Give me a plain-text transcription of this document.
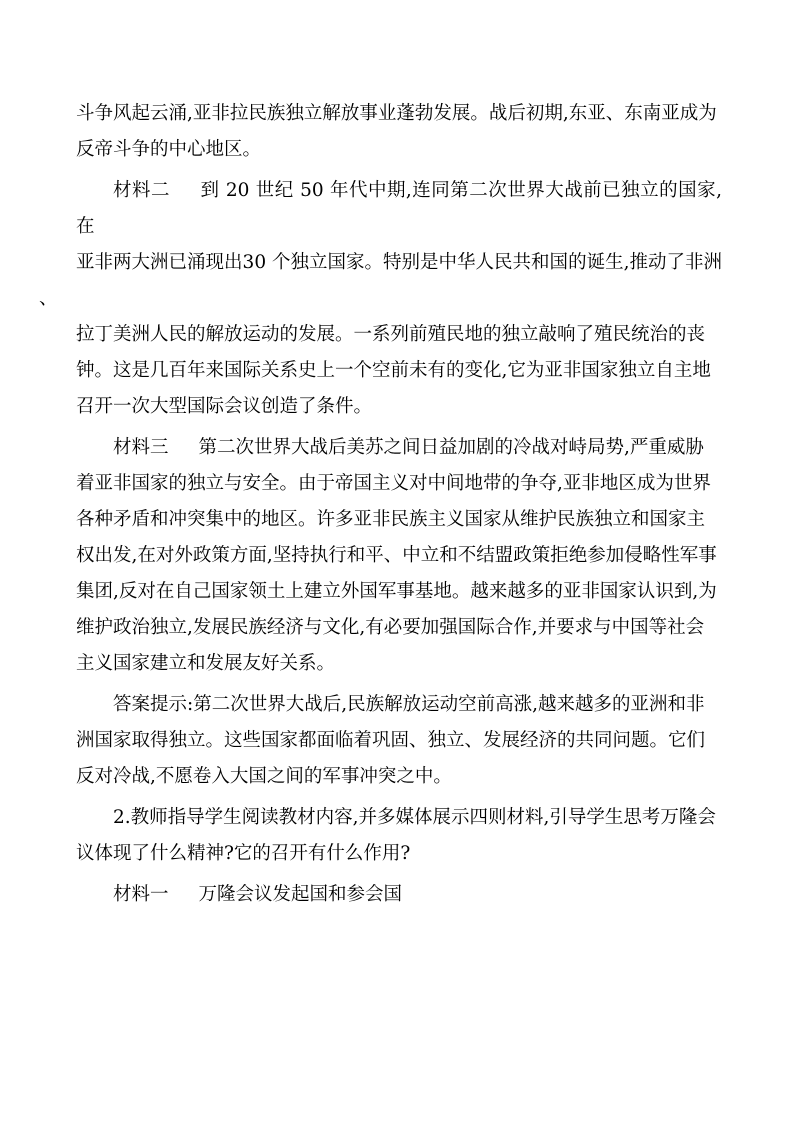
斗争风起云涌,亚非拉民族独立解放事业蓬勃发展。战后初期,东亚、东南亚成为
反帝斗争的中心地区。

材料二 到 20 世纪 50 年代中期,连同第二次世界大战前已独立的国家,在
亚非两大洲已涌现出30 个独立国家。特别是中华人民共和国的诞生,推动了非洲、
拉丁美洲人民的解放运动的发展。一系列前殖民地的独立敲响了殖民统治的丧
钟。这是几百年来国际关系史上一个空前未有的变化,它为亚非国家独立自主地
召开一次大型国际会议创造了条件。

材料三 第二次世界大战后美苏之间日益加剧的冷战对峙局势,严重威胁
着亚非国家的独立与安全。由于帝国主义对中间地带的争夺,亚非地区成为世界
各种矛盾和冲突集中的地区。许多亚非民族主义国家从维护民族独立和国家主
权出发,在对外政策方面,坚持执行和平、中立和不结盟政策拒绝参加侵略性军事
集团,反对在自己国家领土上建立外国军事基地。越来越多的亚非国家认识到,为
维护政治独立,发展民族经济与文化,有必要加强国际合作,并要求与中国等社会
主义国家建立和发展友好关系。

答案提示:第二次世界大战后,民族解放运动空前高涨,越来越多的亚洲和非
洲国家取得独立。这些国家都面临着巩固、独立、发展经济的共同问题。它们
反对冷战,不愿卷入大国之间的军事冲突之中。

2.教师指导学生阅读教材内容,并多媒体展示四则材料,引导学生思考万隆会
议体现了什么精神?它的召开有什么作用?

材料一 万隆会议发起国和参会国
